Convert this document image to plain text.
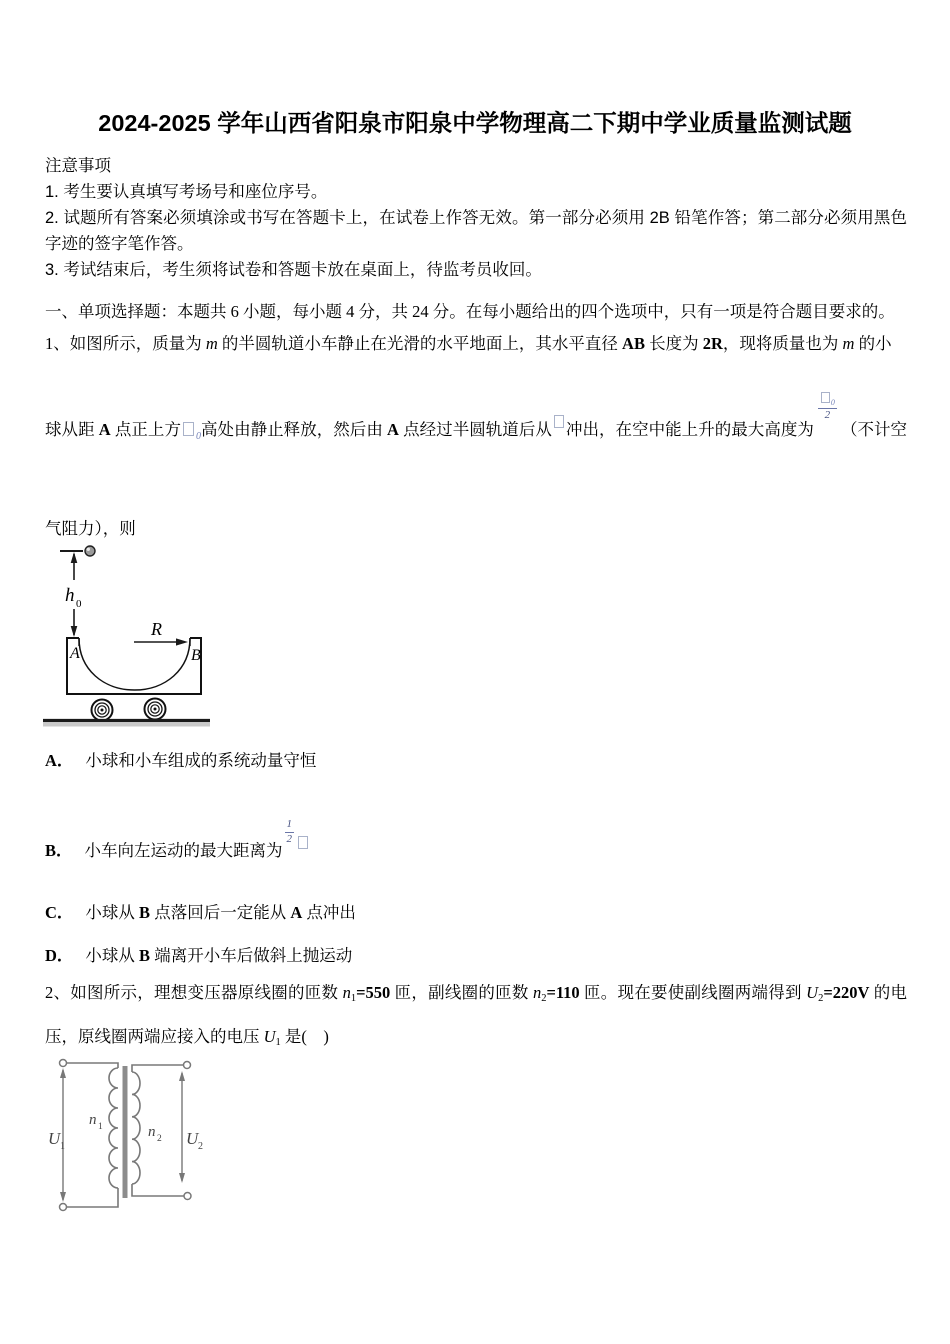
2024-2025 学年山西省阳泉市阳泉中学物理高二下期中学业质量监测试题
注意事项
1. 考生要认真填写考场号和座位序号。
2. 试题所有答案必须填涂或书写在答题卡上，在试卷上作答无效。第一部分必须用 2B 铅笔作答；第二部分必须用黑色字迹的签字笔作答。
3. 考试结束后，考生须将试卷和答题卡放在桌面上，待监考员收回。
一、单项选择题：本题共 6 小题，每小题 4 分，共 24 分。在每小题给出的四个选项中，只有一项是符合题目要求的。
1、如图所示，质量为 m 的半圆轨道小车静止在光滑的水平地面上，其水平直径 AB 长度为 2R，现将质量也为 m 的小
球从距 A 点正上方 $_0$高处由静止释放，然后由 A 点经过半圆轨道后从 冲出，在空中能上升的最大高度为
$\frac{0}{2}$
（不计空气阻力），则
h 0
A	B
R
A． 小球和小车组成的系统动量守恒
B． 小车向左运动的最大距离为
$\frac{1}{2}$
C． 小球从 B 点落回后一定能从 A 点冲出
D． 小球从 B 端离开小车后做斜上抛运动
2、如图所示，理想变压器原线圈的匝数 $n_1=550$ 匝，副线圈的匝数 $n_2=110$ 匝。现在要使副线圈两端得到 $U_2=220V$ 的电压，原线圈两端应接入的电压 $U_1$ 是(　)
U 1	U 2
n 1	n 2
